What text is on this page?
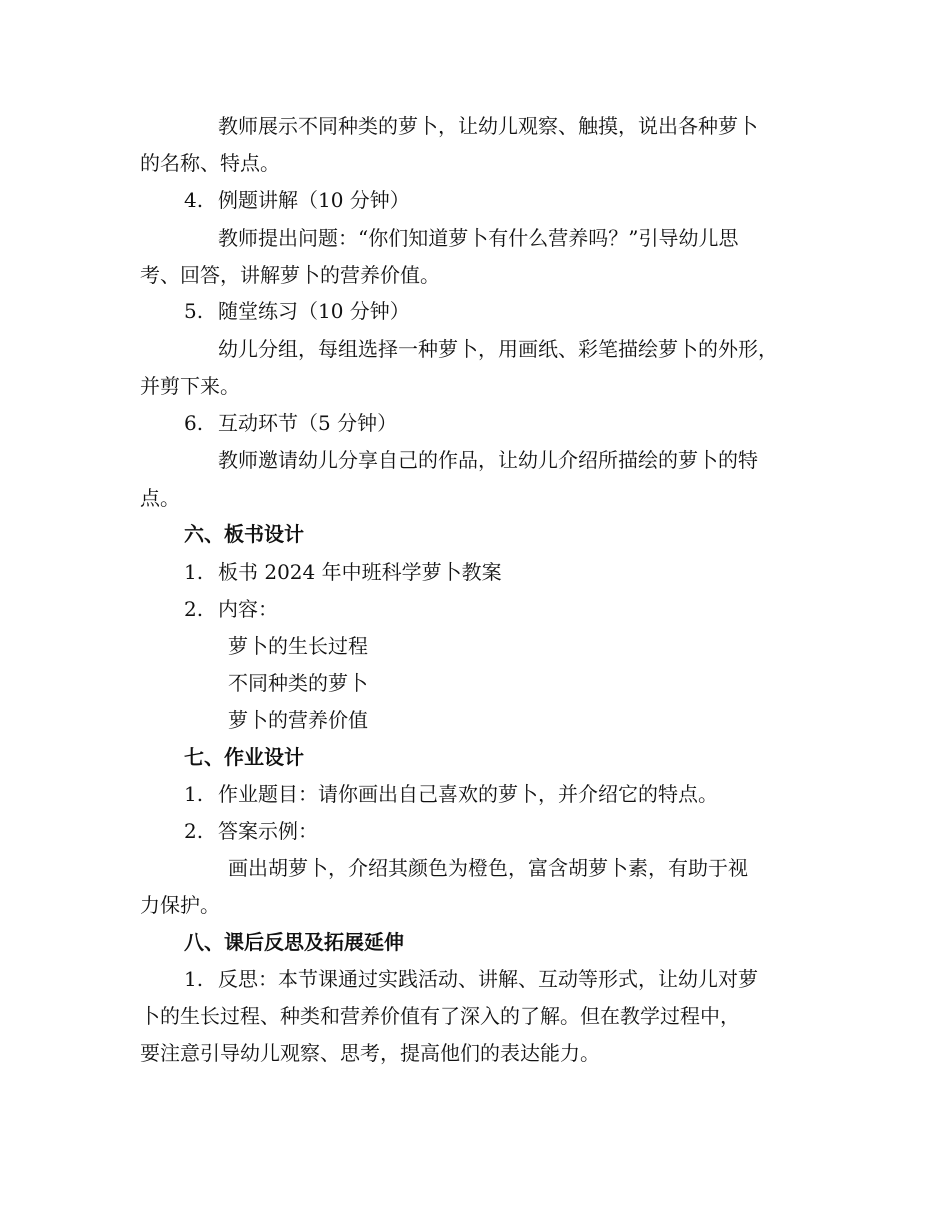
教师展示不同种类的萝卜，让幼儿观察、触摸，说出各种萝卜
的名称、特点。
4. 例题讲解（10 分钟）
教师提出问题：“你们知道萝卜有什么营养吗？”引导幼儿思
考、回答，讲解萝卜的营养价值。
5. 随堂练习（10 分钟）
幼儿分组，每组选择一种萝卜，用画纸、彩笔描绘萝卜的外形，
并剪下来。
6. 互动环节（5 分钟）
教师邀请幼儿分享自己的作品，让幼儿介绍所描绘的萝卜的特
点。
六、板书设计
1. 板书 2024 年中班科学萝卜教案
2. 内容：
萝卜的生长过程
不同种类的萝卜
萝卜的营养价值
七、作业设计
1. 作业题目：请你画出自己喜欢的萝卜，并介绍它的特点。
2. 答案示例：
画出胡萝卜，介绍其颜色为橙色，富含胡萝卜素，有助于视
力保护。
八、课后反思及拓展延伸
1. 反思：本节课通过实践活动、讲解、互动等形式，让幼儿对萝
卜的生长过程、种类和营养价值有了深入的了解。但在教学过程中，
要注意引导幼儿观察、思考，提高他们的表达能力。
